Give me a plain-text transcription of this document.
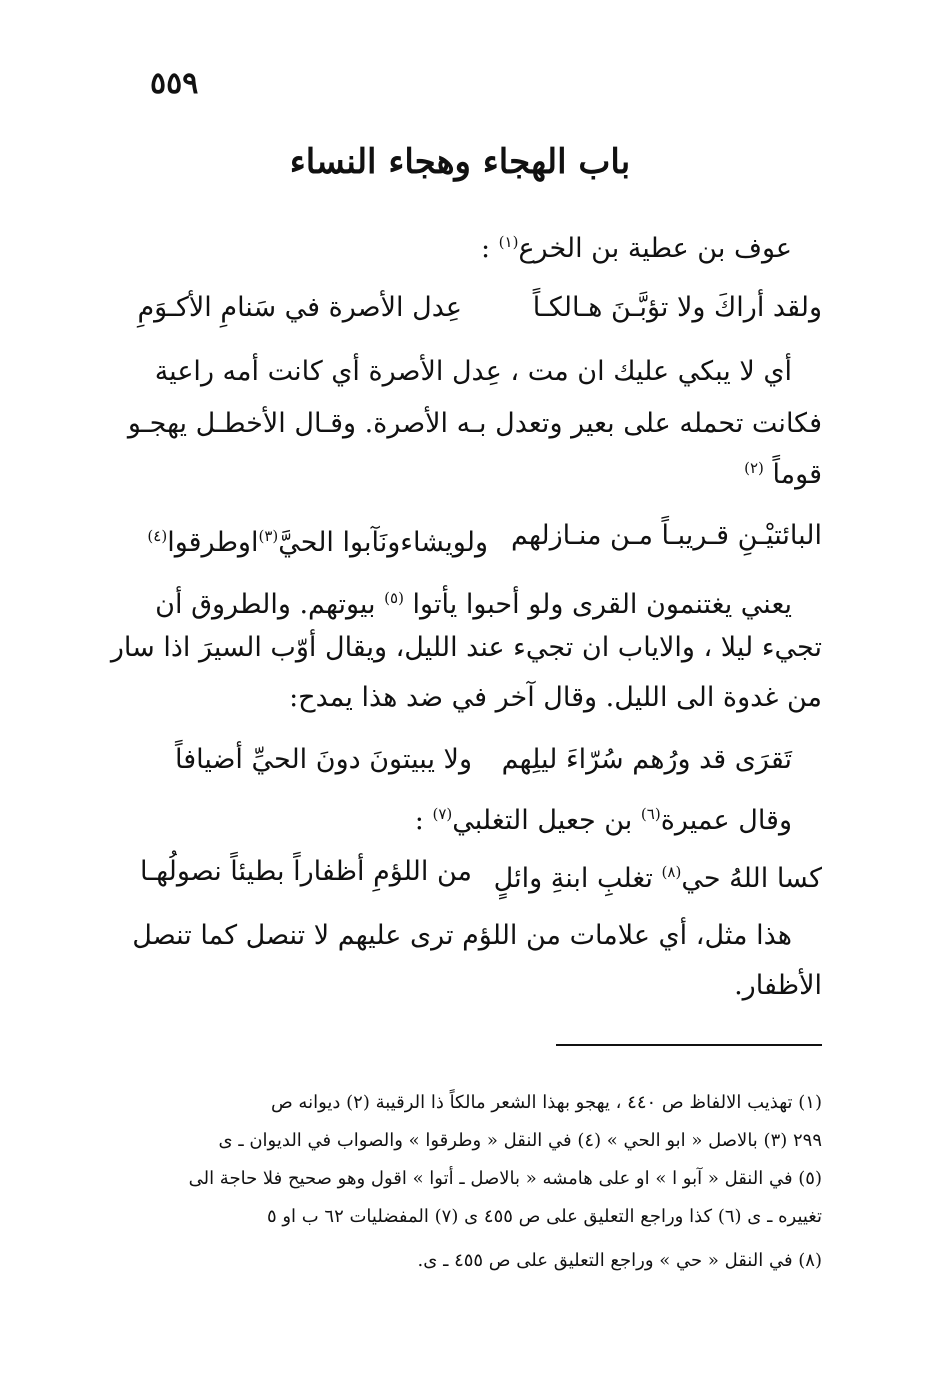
٥٥٩
باب الهجاء وهجاء النساء
عوف بن عطية بن الخرع$^{(١)}$ :
ولقد أراكَ ولا تؤبَّـنَ هـالكـاً
عِدل الأصرة في سَنامِ الأكـوَمِ
أي لا يبكي عليك ان مت ، عِدل الأصرة أي كانت أمه راعية
فكانت تحمله على بعير وتعدل بـه الأصرة. وقـال الأخطـل يهجـو
قوماً $^{(٢)}$
البائتيْـنِ قـريبـاً مـن منـازلهم
ولويشاءونَآبوا الحيَّ$^{(٣)}$اوطرقوا$^{(٤)}$
يعني يغتنمون القرى ولو أحبوا يأتوا $^{(٥)}$ بيوتهم. والطروق أن
تجيء ليلا ، والاياب ان تجيء عند الليل، ويقال أوّب السيرَ اذا سار
من غدوة الى الليل. وقال آخر في ضد هذا يمدح:
تَقرَى قد ورُهم سُرّاءَ ليلِهم
ولا يبيتونَ دونَ الحيِّ أضيافاً
وقال عميرة$^{(٦)}$ بن جعيل التغلبي$^{(٧)}$ :
كسا اللهُ حي$^{(٨)}$ تغلبِ ابنةِ وائلٍ
من اللؤمِ أظفاراً بطيئاً نصولُهـا
هذا مثل، أي علامات من اللؤم ترى عليهم لا تنصل كما تنصل
الأظفار.
(١) تهذيب الالفاظ ص ٤٤٠ ، يهجو بهذا الشعر مالكاً ذا الرقيبة (٢) ديوانه ص
٢٩٩ (٣) بالاصل « ابو الحي » (٤) في النقل « وطرقوا » والصواب في الديوان ـ ى
(٥) في النقل « آبو ا » او على هامشه « بالاصل ـ أتوا » اقول وهو صحيح فلا حاجة الى
تغييره ـ ى (٦) كذا وراجع التعليق على ص ٤٥٥ ى (٧) المفضليات ٦٢ ب او ٥
(٨) في النقل « حي » وراجع التعليق على ص ٤٥٥ ـ ى.
